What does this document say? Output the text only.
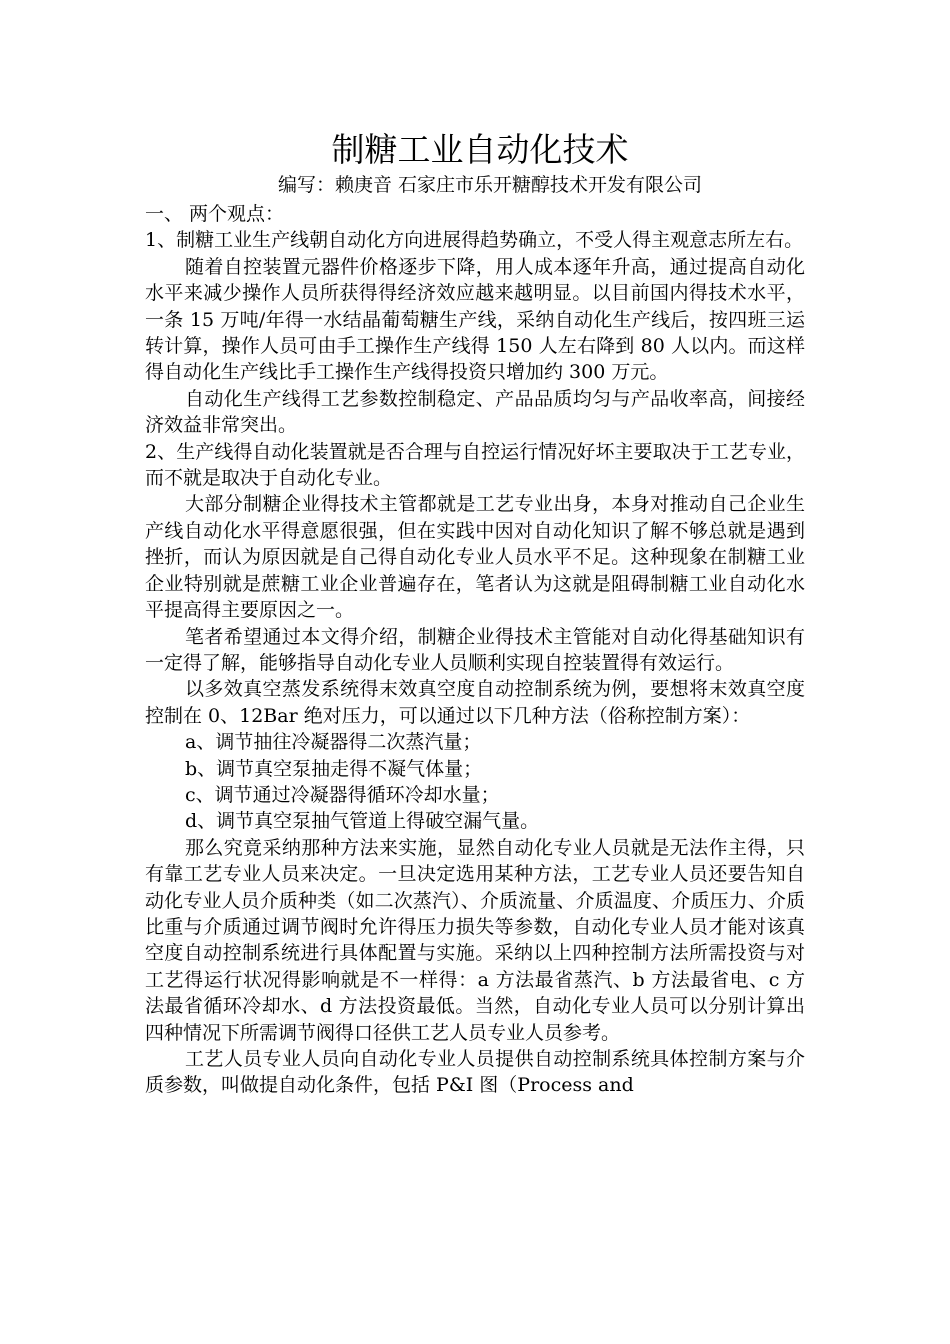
制糖工业自动化技术

编写：赖庚音 石家庄市乐开糖醇技术开发有限公司

一、 两个观点：

1、制糖工业生产线朝自动化方向进展得趋势确立，不受人得主观意志所左右。

随着自控装置元器件价格逐步下降，用人成本逐年升高，通过提高自动化水平来减少操作人员所获得得经济效应越来越明显。以目前国内得技术水平，一条 15 万吨/年得一水结晶葡萄糖生产线，采纳自动化生产线后，按四班三运转计算，操作人员可由手工操作生产线得 150 人左右降到 80 人以内。而这样得自动化生产线比手工操作生产线得投资只增加约 300 万元。

自动化生产线得工艺参数控制稳定、产品品质均匀与产品收率高，间接经济效益非常突出。

2、生产线得自动化装置就是否合理与自控运行情况好坏主要取决于工艺专业，而不就是取决于自动化专业。

大部分制糖企业得技术主管都就是工艺专业出身，本身对推动自己企业生产线自动化水平得意愿很强，但在实践中因对自动化知识了解不够总就是遇到挫折，而认为原因就是自己得自动化专业人员水平不足。这种现象在制糖工业企业特别就是蔗糖工业企业普遍存在，笔者认为这就是阻碍制糖工业自动化水平提高得主要原因之一。

笔者希望通过本文得介绍，制糖企业得技术主管能对自动化得基础知识有一定得了解，能够指导自动化专业人员顺利实现自控装置得有效运行。

以多效真空蒸发系统得末效真空度自动控制系统为例，要想将末效真空度控制在 0、12Bar 绝对压力，可以通过以下几种方法（俗称控制方案）：

a、调节抽往冷凝器得二次蒸汽量；

b、调节真空泵抽走得不凝气体量；

c、调节通过冷凝器得循环冷却水量；

d、调节真空泵抽气管道上得破空漏气量。

那么究竟采纳那种方法来实施，显然自动化专业人员就是无法作主得，只有靠工艺专业人员来决定。一旦决定选用某种方法，工艺专业人员还要告知自动化专业人员介质种类（如二次蒸汽）、介质流量、介质温度、介质压力、介质比重与介质通过调节阀时允许得压力损失等参数，自动化专业人员才能对该真空度自动控制系统进行具体配置与实施。采纳以上四种控制方法所需投资与对工艺得运行状况得影响就是不一样得：a 方法最省蒸汽、b 方法最省电、c 方法最省循环冷却水、d 方法投资最低。当然，自动化专业人员可以分别计算出四种情况下所需调节阀得口径供工艺人员专业人员参考。

工艺人员专业人员向自动化专业人员提供自动控制系统具体控制方案与介质参数，叫做提自动化条件，包括 P&I 图（Process and
